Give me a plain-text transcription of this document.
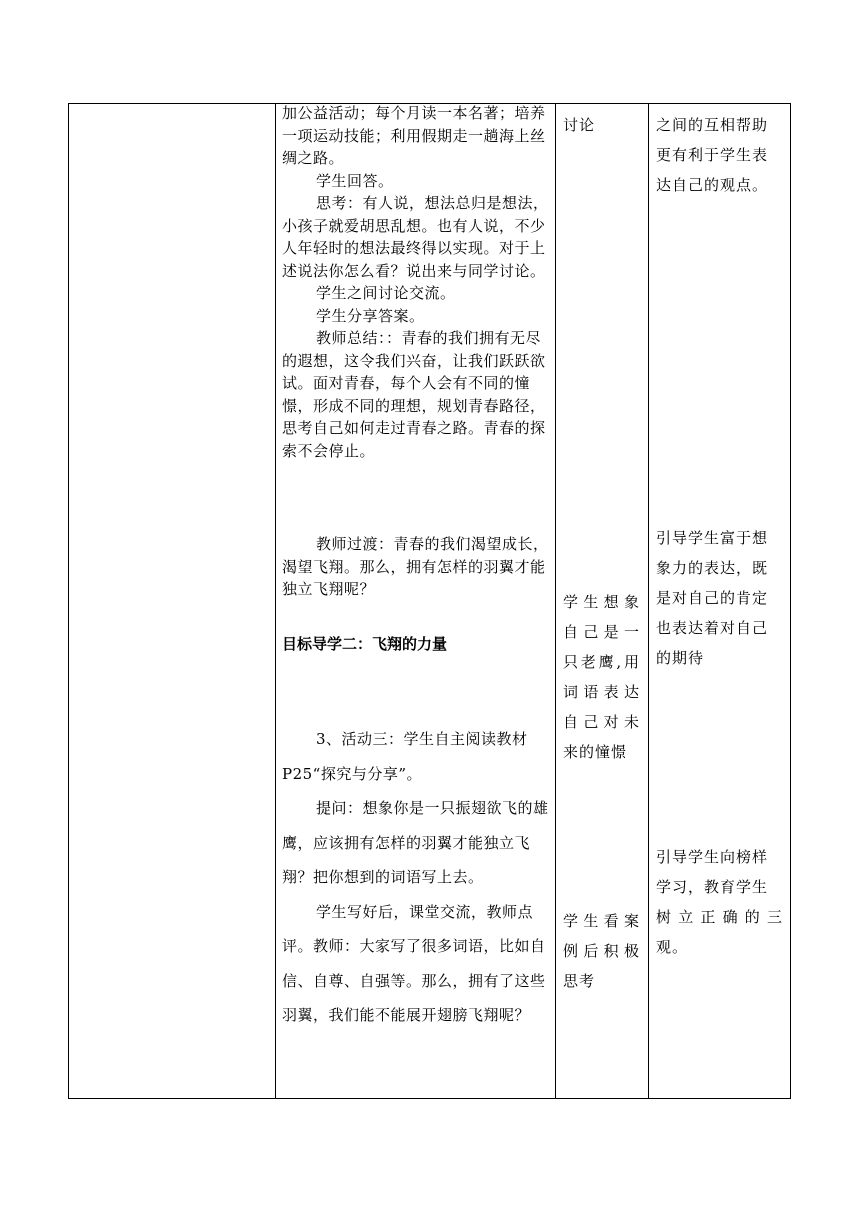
加公益活动；每个月读一本名著；培养一项运动技能；利用假期走一趟海上丝绸之路。

学生回答。

思考：有人说，想法总归是想法，小孩子就爱胡思乱想。也有人说，不少人年轻时的想法最终得以实现。对于上述说法你怎么看？说出来与同学讨论。

学生之间讨论交流。

学生分享答案。

教师总结：：青春的我们拥有无尽的遐想，这令我们兴奋，让我们跃跃欲试。面对青春，每个人会有不同的憧憬，形成不同的理想，规划青春路径，思考自己如何走过青春之路。青春的探索不会停止。

教师过渡：青春的我们渴望成长，渴望飞翔。那么，拥有怎样的羽翼才能独立飞翔呢？

目标导学二：飞翔的力量

3、活动三：学生自主阅读教材 P25“探究与分享”。

提问：想象你是一只振翅欲飞的雄鹰，应该拥有怎样的羽翼才能独立飞翔？把你想到的词语写上去。

学生写好后，课堂交流，教师点评。教师：大家写了很多词语，比如自信、自尊、自强等。那么，拥有了这些羽翼，我们能不能展开翅膀飞翔呢？

讨论
学生想象
自己是一
只老鹰,用
词语表达
自己对未
来的憧憬
学生看案
例后积极
思考
之间的互相帮助
更有利于学生表
达自己的观点。
引导学生富于想
象力的表达，既
是对自己的肯定
也表达着对自己
的期待
引导学生向榜样
学习，教育学生
树立正确的三
观。
